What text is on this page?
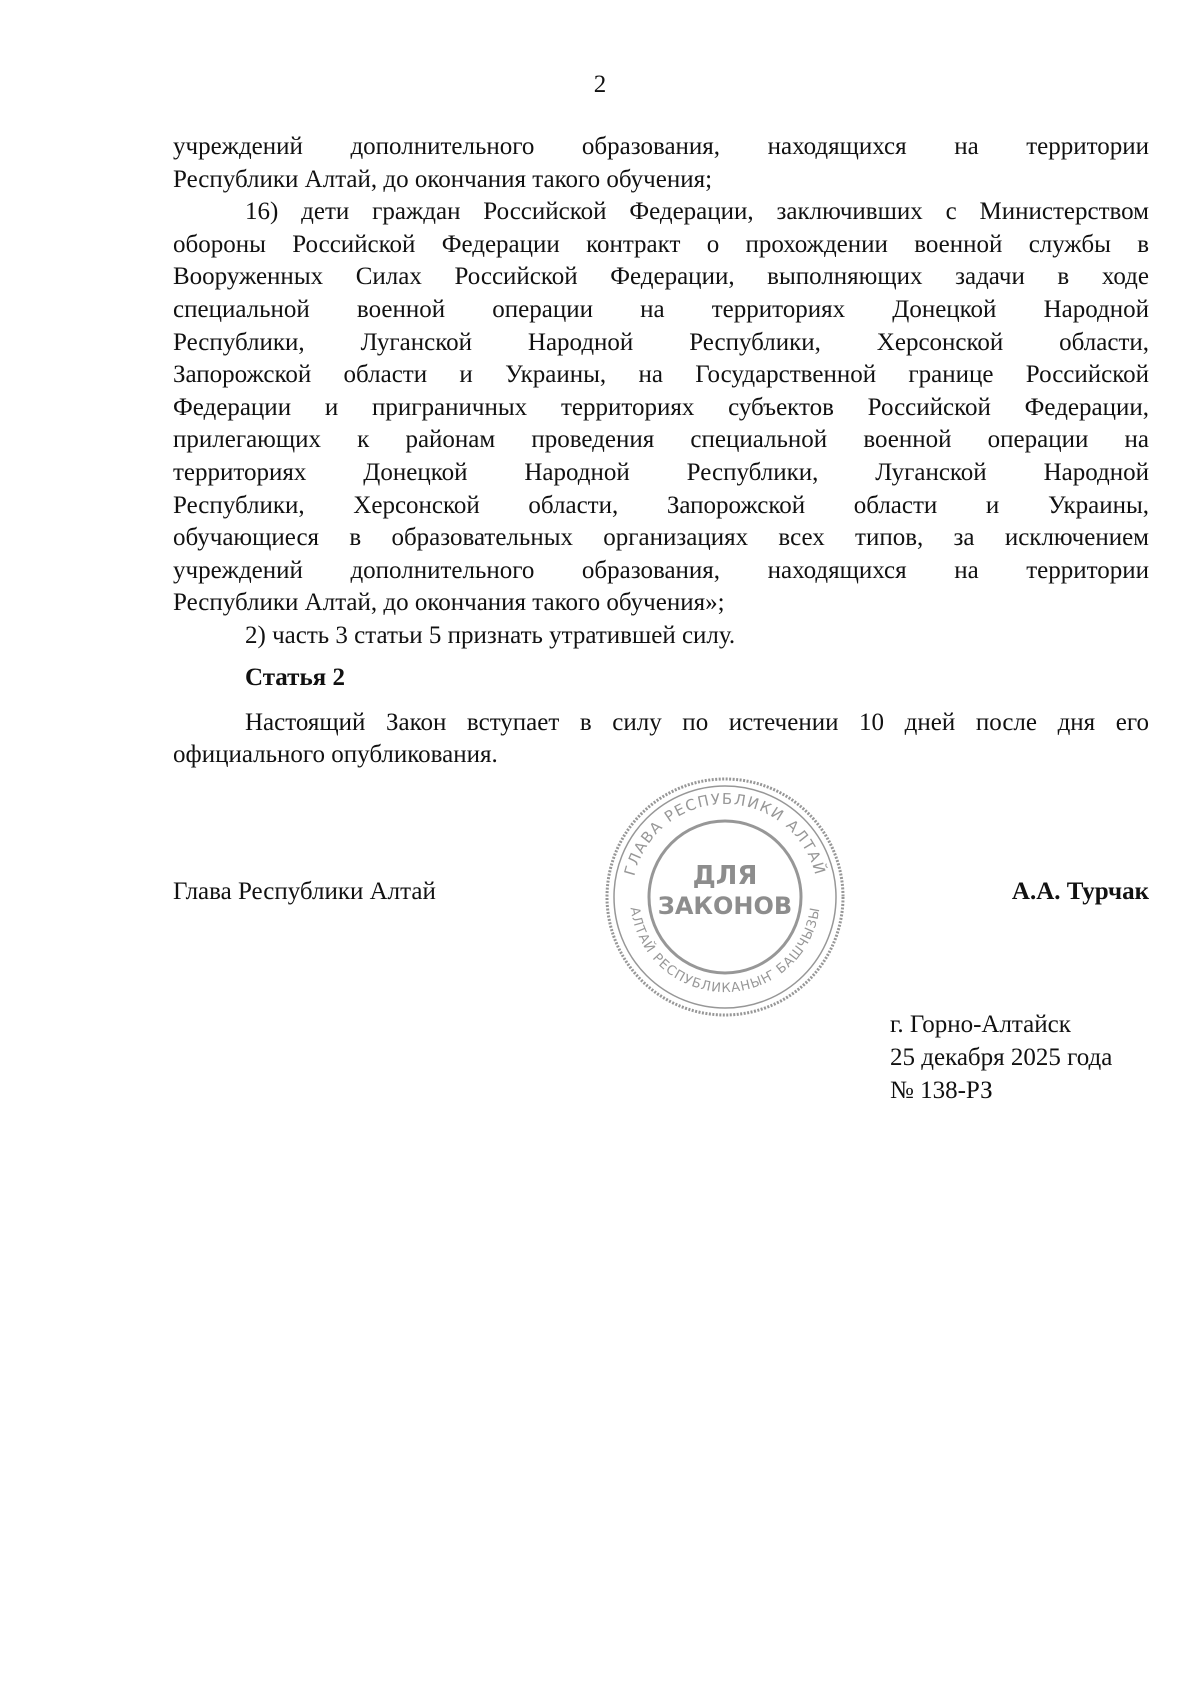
2
учреждений дополнительного образования, находящихся на территории
Республики Алтай, до окончания такого обучения;
16) дети граждан Российской Федерации, заключивших с Министерством
обороны Российской Федерации контракт о прохождении военной службы в
Вооруженных Силах Российской Федерации, выполняющих задачи в ходе
специальной военной операции на территориях Донецкой Народной
Республики, Луганской Народной Республики, Херсонской области,
Запорожской области и Украины, на Государственной границе Российской
Федерации и приграничных территориях субъектов Российской Федерации,
прилегающих к районам проведения специальной военной операции на
территориях Донецкой Народной Республики, Луганской Народной
Республики, Херсонской области, Запорожской области и Украины,
обучающиеся в образовательных организациях всех типов, за исключением
учреждений дополнительного образования, находящихся на территории
Республики Алтай, до окончания такого обучения»;
2) часть 3 статьи 5 признать утратившей силу.
Статья 2
Настоящий Закон вступает в силу по истечении 10 дней после дня его
официального опубликования.
Глава Республики Алтай	А.А. Турчак
ГЛАВА РЕСПУБЛИКИ АЛТАЙ
АЛТАЙ РЕСПУБЛИКАНЫҤ БАШЧЫЗЫ
ДЛЯ
ЗАКОНОВ
г. Горно-Алтайск
25 декабря 2025 года
№ 138-РЗ
